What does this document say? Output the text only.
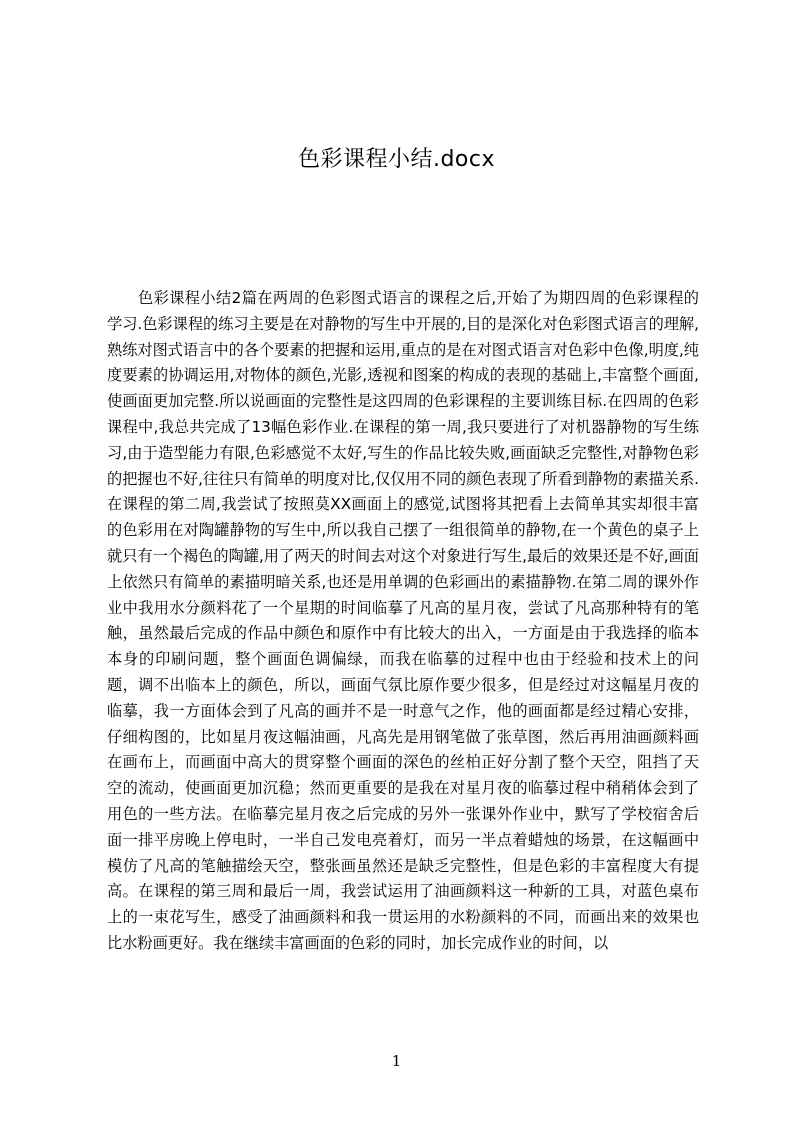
色彩课程小结.docx

色彩课程小结2篇在两周的色彩图式语言的课程之后,开始了为期四周的色彩课程的学习.色彩课程的练习主要是在对静物的写生中开展的,目的是深化对色彩图式语言的理解,熟练对图式语言中的各个要素的把握和运用,重点的是在对图式语言对色彩中色像,明度,纯度要素的协调运用,对物体的颜色,光影,透视和图案的构成的表现的基础上,丰富整个画面,使画面更加完整.所以说画面的完整性是这四周的色彩课程的主要训练目标.在四周的色彩课程中,我总共完成了13幅色彩作业.在课程的第一周,我只要进行了对机器静物的写生练习,由于造型能力有限,色彩感觉不太好,写生的作品比较失败,画面缺乏完整性,对静物色彩的把握也不好,往往只有简单的明度对比,仅仅用不同的颜色表现了所看到静物的素描关系.在课程的第二周,我尝试了按照莫XX画面上的感觉,试图将其把看上去简单其实却很丰富的色彩用在对陶罐静物的写生中,所以我自己摆了一组很简单的静物,在一个黄色的桌子上就只有一个褐色的陶罐,用了两天的时间去对这个对象进行写生,最后的效果还是不好,画面上依然只有简单的素描明暗关系,也还是用单调的色彩画出的素描静物.在第二周的课外作业中我用水分颜料花了一个星期的时间临摹了凡高的星月夜，尝试了凡高那种特有的笔触，虽然最后完成的作品中颜色和原作中有比较大的出入，一方面是由于我选择的临本本身的印刷问题，整个画面色调偏绿，而我在临摹的过程中也由于经验和技术上的问题，调不出临本上的颜色，所以，画面气氛比原作要少很多，但是经过对这幅星月夜的临摹，我一方面体会到了凡高的画并不是一时意气之作，他的画面都是经过精心安排，仔细构图的，比如星月夜这幅油画，凡高先是用钢笔做了张草图，然后再用油画颜料画在画布上，而画面中高大的贯穿整个画面的深色的丝柏正好分割了整个天空，阻挡了天空的流动，使画面更加沉稳；然而更重要的是我在对星月夜的临摹过程中稍稍体会到了用色的一些方法。在临摹完星月夜之后完成的另外一张课外作业中，默写了学校宿舍后面一排平房晚上停电时，一半自己发电亮着灯，而另一半点着蜡烛的场景，在这幅画中模仿了凡高的笔触描绘天空，整张画虽然还是缺乏完整性，但是色彩的丰富程度大有提高。在课程的第三周和最后一周，我尝试运用了油画颜料这一种新的工具，对蓝色桌布上的一束花写生，感受了油画颜料和我一贯运用的水粉颜料的不同，而画出来的效果也比水粉画更好。我在继续丰富画面的色彩的同时，加长完成作业的时间，以

1
